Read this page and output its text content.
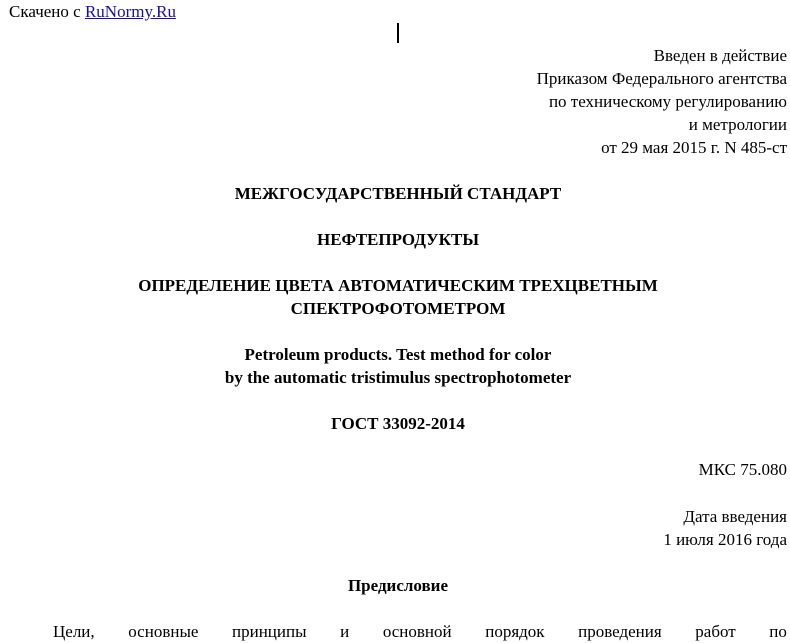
Скачено с RuNormy.Ru
Введен в действие
Приказом Федерального агентства
по техническому регулированию
и метрологии
от 29 мая 2015 г. N 485-ст
МЕЖГОСУДАРСТВЕННЫЙ СТАНДАРТ
НЕФТЕПРОДУКТЫ
ОПРЕДЕЛЕНИЕ ЦВЕТА АВТОМАТИЧЕСКИМ ТРЕХЦВЕТНЫМ
СПЕКТРОФОТОМЕТРОМ
Petroleum products. Test method for color
by the automatic tristimulus spectrophotometer
ГОСТ 33092-2014
МКС 75.080
Дата введения
1 июля 2016 года
Предисловие
Цели, основные принципы и основной порядок проведения работ по
